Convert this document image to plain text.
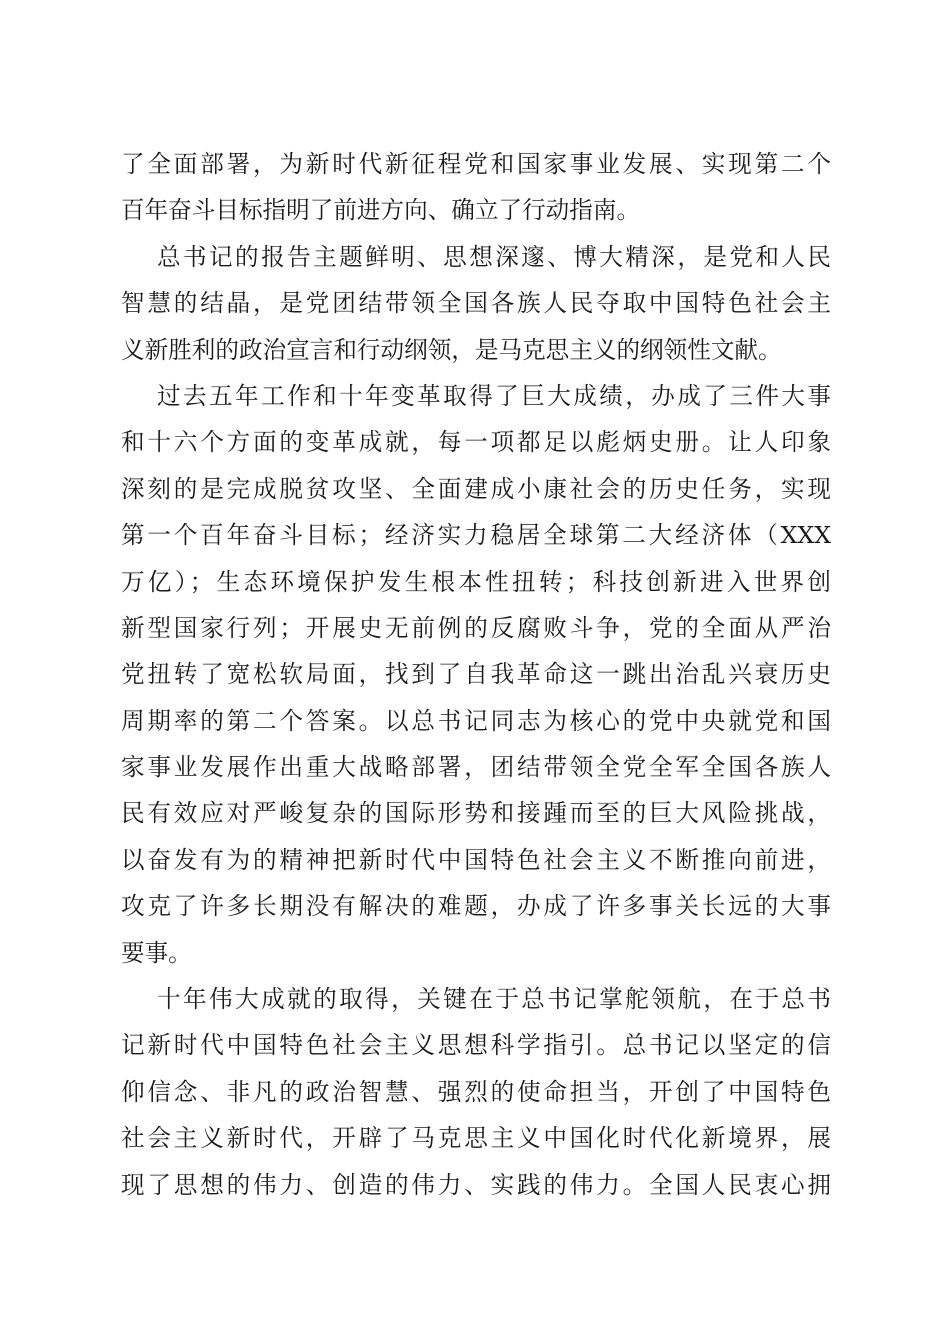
了全面部署，为新时代新征程党和国家事业发展、实现第二个
百年奋斗目标指明了前进方向、确立了行动指南。
总书记的报告主题鲜明、思想深邃、博大精深，是党和人民
智慧的结晶，是党团结带领全国各族人民夺取中国特色社会主
义新胜利的政治宣言和行动纲领，是马克思主义的纲领性文献。
过去五年工作和十年变革取得了巨大成绩，办成了三件大事
和十六个方面的变革成就，每一项都足以彪炳史册。让人印象
深刻的是完成脱贫攻坚、全面建成小康社会的历史任务，实现
第一个百年奋斗目标；经济实力稳居全球第二大经济体（XXX
万亿）；生态环境保护发生根本性扭转；科技创新进入世界创
新型国家行列；开展史无前例的反腐败斗争，党的全面从严治
党扭转了宽松软局面，找到了自我革命这一跳出治乱兴衰历史
周期率的第二个答案。以总书记同志为核心的党中央就党和国
家事业发展作出重大战略部署，团结带领全党全军全国各族人
民有效应对严峻复杂的国际形势和接踵而至的巨大风险挑战，
以奋发有为的精神把新时代中国特色社会主义不断推向前进，
攻克了许多长期没有解决的难题，办成了许多事关长远的大事
要事。
十年伟大成就的取得，关键在于总书记掌舵领航，在于总书
记新时代中国特色社会主义思想科学指引。总书记以坚定的信
仰信念、非凡的政治智慧、强烈的使命担当，开创了中国特色
社会主义新时代，开辟了马克思主义中国化时代化新境界，展
现了思想的伟力、创造的伟力、实践的伟力。全国人民衷心拥
